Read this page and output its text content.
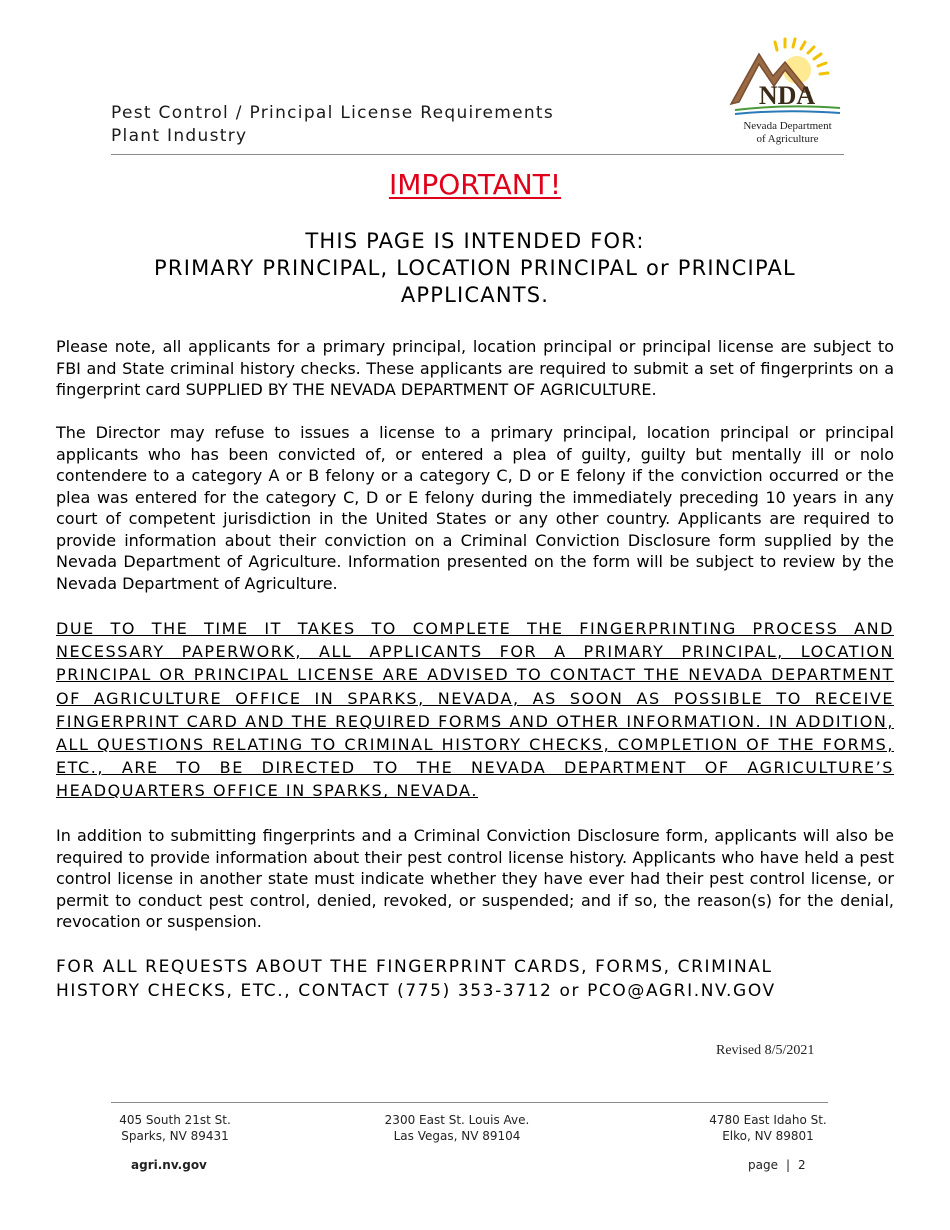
Pest Control / Principal License Requirements
Plant Industry
NDA
Nevada Department
of Agriculture
IMPORTANT!
THIS PAGE IS INTENDED FOR:
PRIMARY PRINCIPAL, LOCATION PRINCIPAL or PRINCIPAL
APPLICANTS.
Please note, all applicants for a primary principal, location principal or principal license are subject to FBI and State criminal history checks. These applicants are required to submit a set of fingerprints on a fingerprint card SUPPLIED BY THE NEVADA DEPARTMENT OF AGRICULTURE.
The Director may refuse to issues a license to a primary principal, location principal or principal applicants who has been convicted of, or entered a plea of guilty, guilty but mentally ill or nolo contendere to a category A or B felony or a category C, D or E felony if the conviction occurred or the plea was entered for the category C, D or E felony during the immediately preceding 10 years in any court of competent jurisdiction in the United States or any other country. Applicants are required to provide information about their conviction on a Criminal Conviction Disclosure form supplied by the Nevada Department of Agriculture. Information presented on the form will be subject to review by the Nevada Department of Agriculture.
DUE TO THE TIME IT TAKES TO COMPLETE THE FINGERPRINTING PROCESS AND NECESSARY PAPERWORK, ALL APPLICANTS FOR A PRIMARY PRINCIPAL, LOCATION PRINCIPAL OR PRINCIPAL LICENSE ARE ADVISED TO CONTACT THE NEVADA DEPARTMENT OF AGRICULTURE OFFICE IN SPARKS, NEVADA, AS SOON AS POSSIBLE TO RECEIVE FINGERPRINT CARD AND THE REQUIRED FORMS AND OTHER INFORMATION. IN ADDITION, ALL QUESTIONS RELATING TO CRIMINAL HISTORY CHECKS, COMPLETION OF THE FORMS, ETC., ARE TO BE DIRECTED TO THE NEVADA DEPARTMENT OF AGRICULTURE’S HEADQUARTERS OFFICE IN SPARKS, NEVADA.
In addition to submitting fingerprints and a Criminal Conviction Disclosure form, applicants will also be required to provide information about their pest control license history. Applicants who have held a pest control license in another state must indicate whether they have ever had their pest control license, or permit to conduct pest control, denied, revoked, or suspended; and if so, the reason(s) for the denial, revocation or suspension.
FOR ALL REQUESTS ABOUT THE FINGERPRINT CARDS, FORMS, CRIMINAL
HISTORY CHECKS, ETC., CONTACT (775) 353-3712 or PCO@AGRI.NV.GOV
Revised 8/5/2021
405 South 21st St.
Sparks, NV 89431
2300 East St. Louis Ave.
Las Vegas, NV 89104
4780 East Idaho St.
Elko, NV 89801
agri.nv.gov	page | 2
